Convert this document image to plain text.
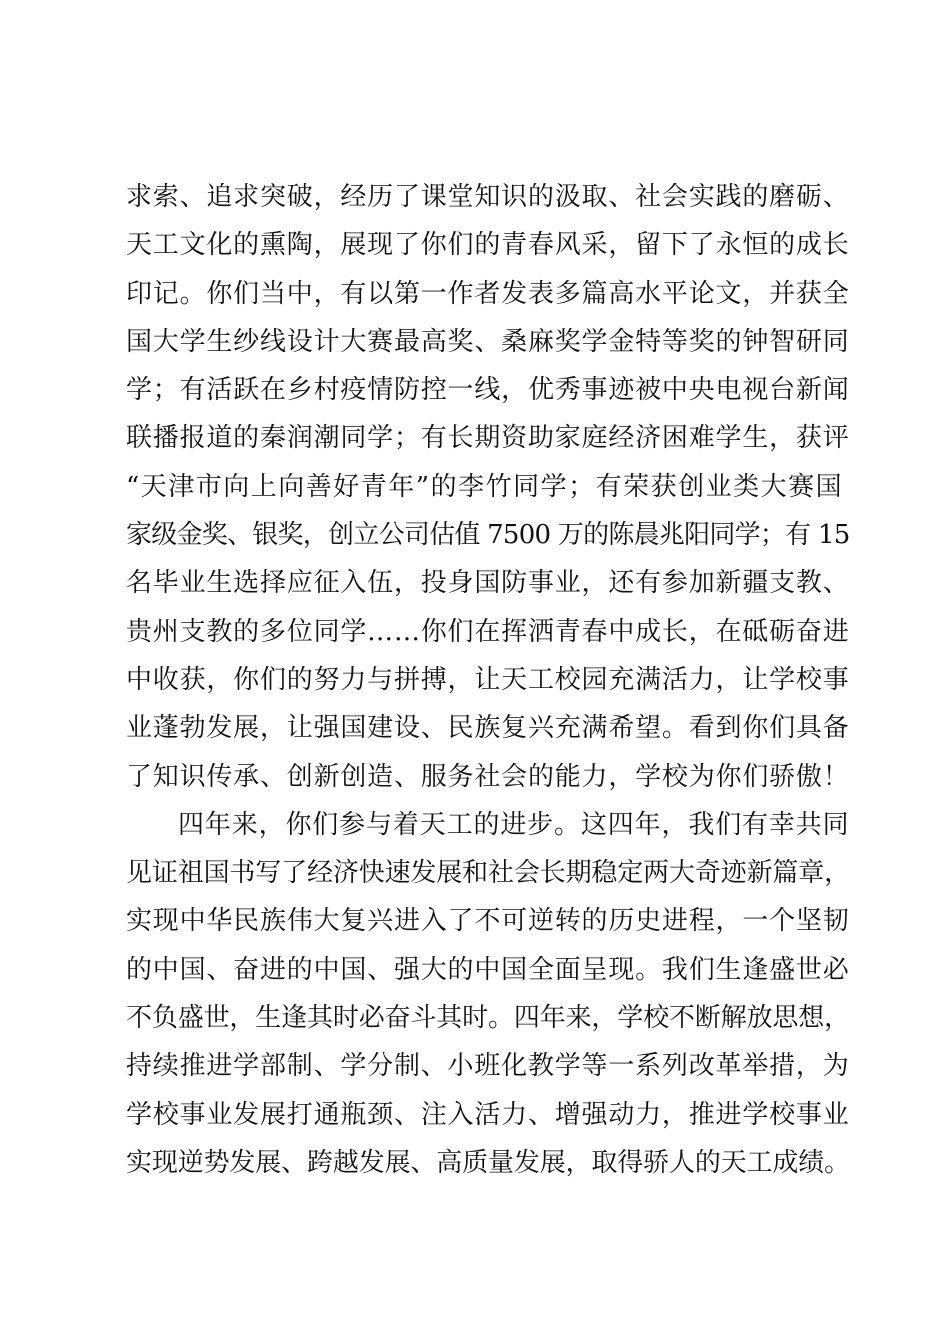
求索、追求突破，经历了课堂知识的汲取、社会实践的磨砺、
天工文化的熏陶，展现了你们的青春风采，留下了永恒的成长
印记。你们当中，有以第一作者发表多篇高水平论文，并获全
国大学生纱线设计大赛最高奖、桑麻奖学金特等奖的钟智研同
学；有活跃在乡村疫情防控一线，优秀事迹被中央电视台新闻
联播报道的秦润潮同学；有长期资助家庭经济困难学生，获评
“天津市向上向善好青年”的李竹同学；有荣获创业类大赛国
家级金奖、银奖，创立公司估值 7500 万的陈晨兆阳同学；有 15
名毕业生选择应征入伍，投身国防事业，还有参加新疆支教、
贵州支教的多位同学……你们在挥洒青春中成长，在砥砺奋进
中收获，你们的努力与拼搏，让天工校园充满活力，让学校事
业蓬勃发展，让强国建设、民族复兴充满希望。看到你们具备
了知识传承、创新创造、服务社会的能力，学校为你们骄傲！
四年来，你们参与着天工的进步。这四年，我们有幸共同
见证祖国书写了经济快速发展和社会长期稳定两大奇迹新篇章，
实现中华民族伟大复兴进入了不可逆转的历史进程，一个坚韧
的中国、奋进的中国、强大的中国全面呈现。我们生逢盛世必
不负盛世，生逢其时必奋斗其时。四年来，学校不断解放思想，
持续推进学部制、学分制、小班化教学等一系列改革举措，为
学校事业发展打通瓶颈、注入活力、增强动力，推进学校事业
实现逆势发展、跨越发展、高质量发展，取得骄人的天工成绩。
